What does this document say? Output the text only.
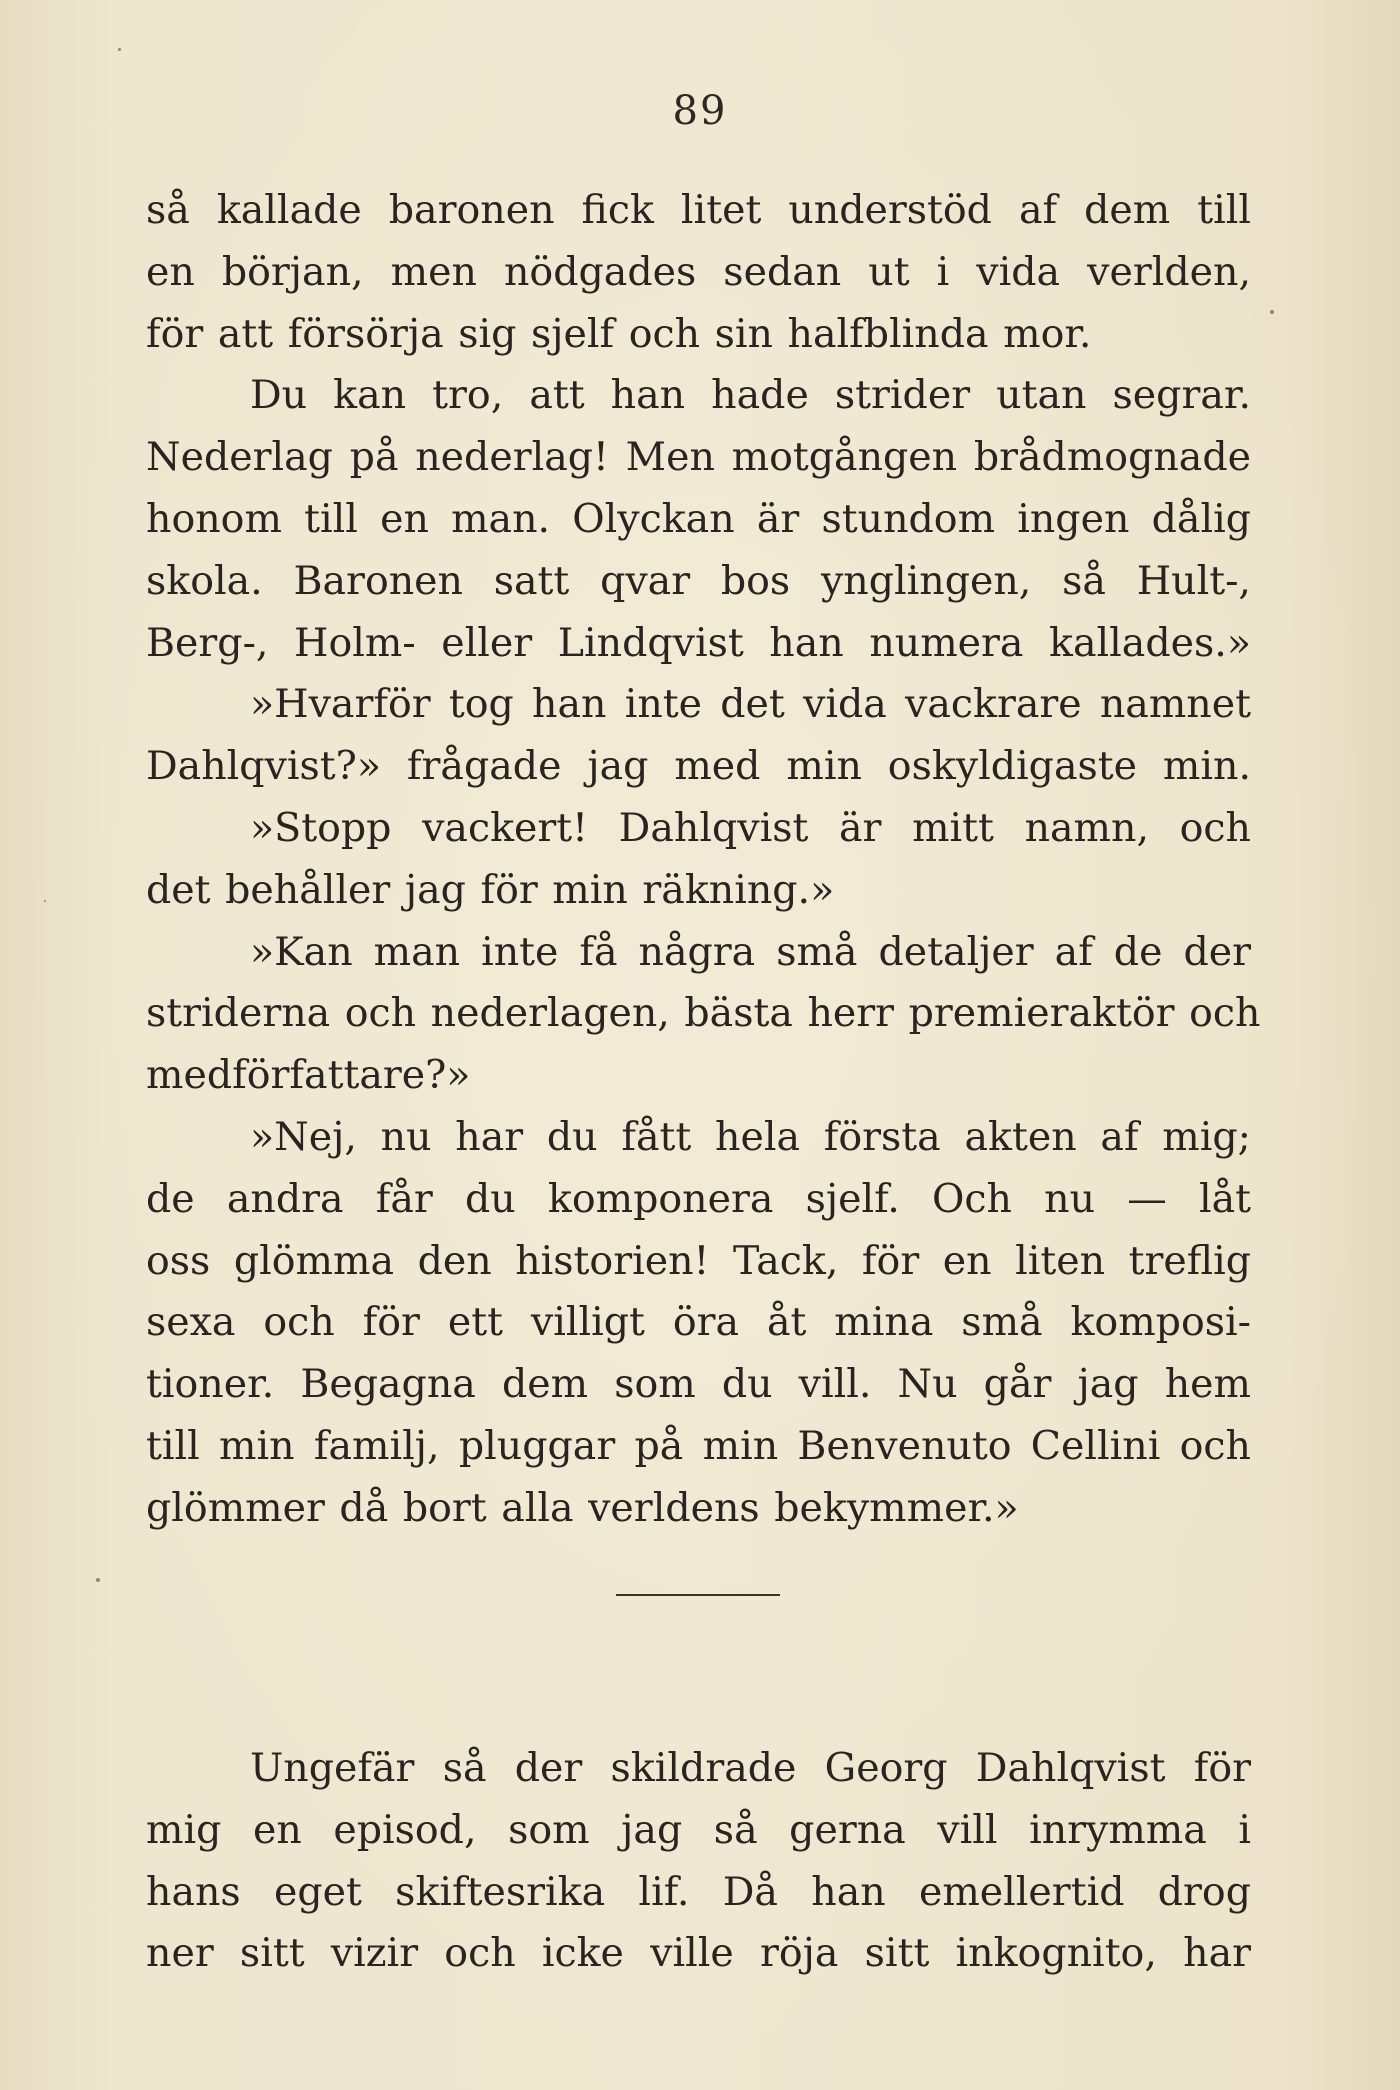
89
så kallade baronen fick litet understöd af dem till
en början, men nödgades sedan ut i vida verlden,
för att försörja sig sjelf och sin halfblinda mor.
Du kan tro, att han hade strider utan segrar.
Nederlag på nederlag! Men motgången brådmognade
honom till en man. Olyckan är stundom ingen dålig
skola. Baronen satt qvar bos ynglingen, så Hult-,
Berg-, Holm- eller Lindqvist han numera kallades.»
»Hvarför tog han inte det vida vackrare namnet
Dahlqvist?» frågade jag med min oskyldigaste min.
»Stopp vackert! Dahlqvist är mitt namn, och
det behåller jag för min räkning.»
»Kan man inte få några små detaljer af de der
striderna och nederlagen, bästa herr premieraktör och
medförfattare?»
»Nej, nu har du fått hela första akten af mig;
de andra får du komponera sjelf. Och nu — låt
oss glömma den historien! Tack, för en liten treflig
sexa och för ett villigt öra åt mina små komposi-
tioner. Begagna dem som du vill. Nu går jag hem
till min familj, pluggar på min Benvenuto Cellini och
glömmer då bort alla verldens bekymmer.»
Ungefär så der skildrade Georg Dahlqvist för
mig en episod, som jag så gerna vill inrymma i
hans eget skiftesrika lif. Då han emellertid drog
ner sitt vizir och icke ville röja sitt inkognito, har
